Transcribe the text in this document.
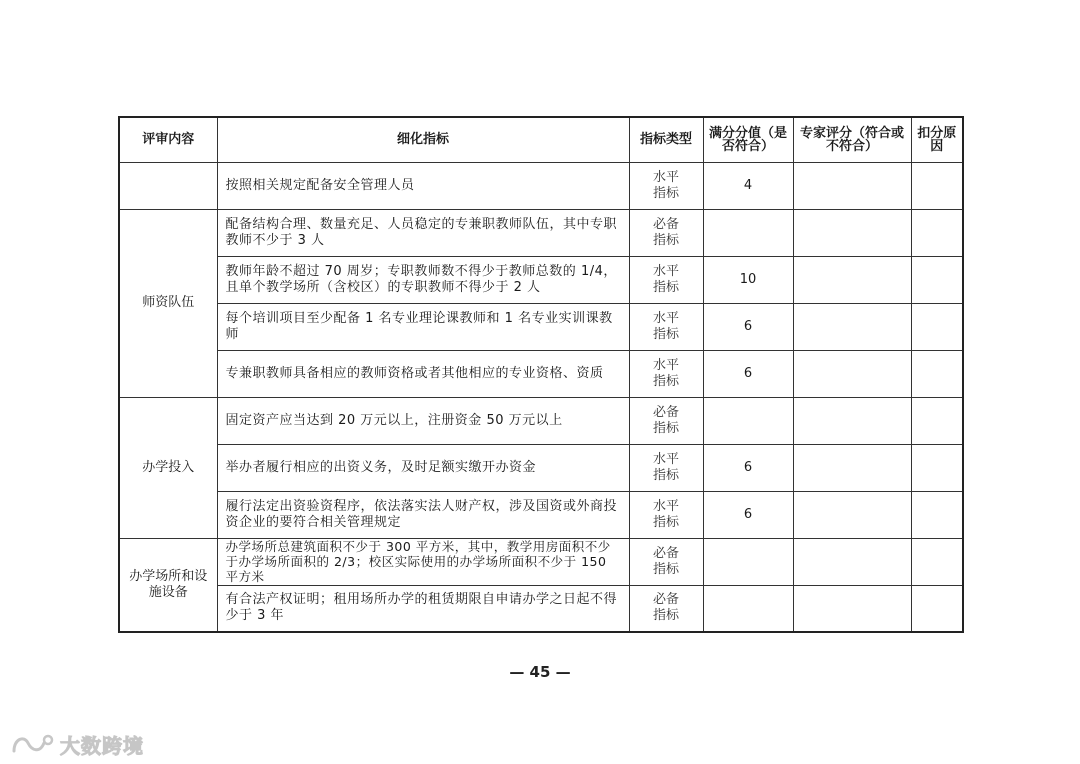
评审内容	细化指标	指标类型	满分分值（是否符合）	专家评分（符合或不符合）	扣分原因
	按照相关规定配备安全管理人员	水平指标	4		
师资队伍	配备结构合理、数量充足、人员稳定的专兼职教师队伍，其中专职教师不少于 3 人	必备指标			
	教师年龄不超过 70 周岁；专职教师数不得少于教师总数的 1/4，且单个教学场所（含校区）的专职教师不得少于 2 人	水平指标	10		
	每个培训项目至少配备 1 名专业理论课教师和 1 名专业实训课教师	水平指标	6		
	专兼职教师具备相应的教师资格或者其他相应的专业资格、资质	水平指标	6		
办学投入	固定资产应当达到 20 万元以上，注册资金 50 万元以上	必备指标			
	举办者履行相应的出资义务，及时足额实缴开办资金	水平指标	6		
	履行法定出资验资程序，依法落实法人财产权，涉及国资或外商投资企业的要符合相关管理规定	水平指标	6		
办学场所和设施设备	办学场所总建筑面积不少于 300 平方米，其中，教学用房面积不少于办学场所面积的 2/3；校区实际使用的办学场所面积不少于 150 平方米	必备指标			
	有合法产权证明；租用场所办学的租赁期限自申请办学之日起不得少于 3 年	必备指标			
— 45 —
大数跨境
